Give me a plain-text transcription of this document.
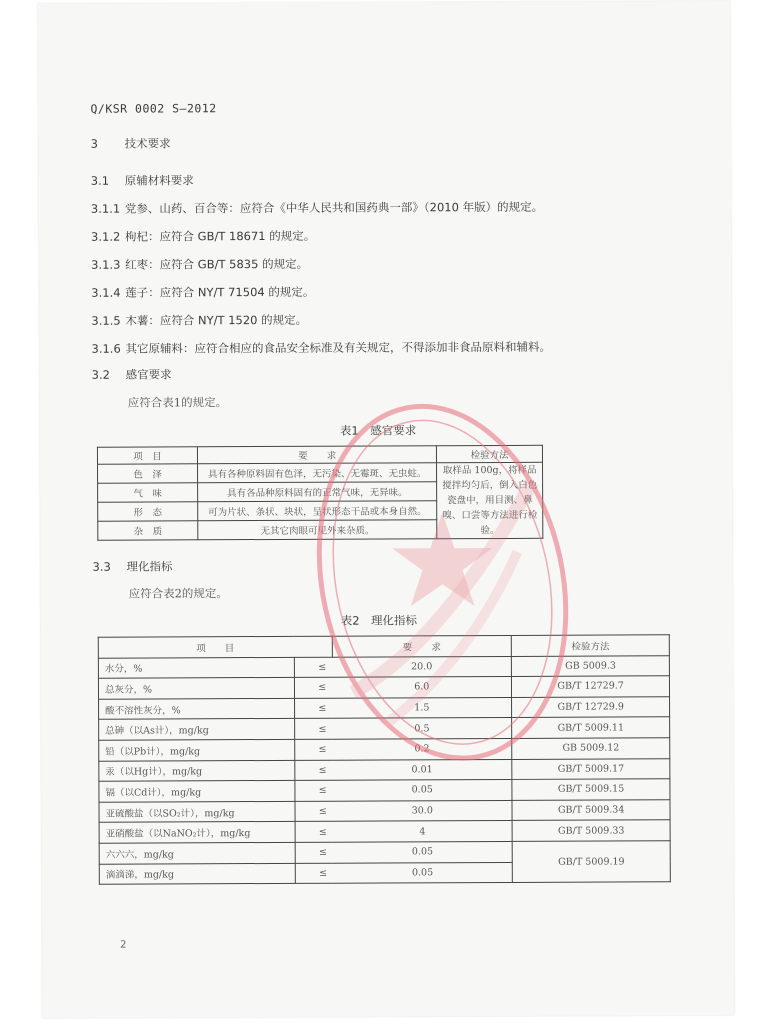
Q/KSR 0002 S—2012
3 技术要求
3.1 原辅材料要求
3.1.1 党参、山药、百合等：应符合《中华人民共和国药典一部》（2010 年版）的规定。
3.1.2 枸杞：应符合 GB/T 18671 的规定。
3.1.3 红枣：应符合 GB/T 5835 的规定。
3.1.4 莲子：应符合 NY/T 71504 的规定。
3.1.5 木薯：应符合 NY/T 1520 的规定。
3.1.6 其它原辅料：应符合相应的食品安全标准及有关规定，不得添加非食品原料和辅料。
3.2 感官要求
应符合表1的规定。
表1　感官要求
项　目	要　　求	检验方法
色　泽	具有各种原料固有色泽，无污染、无霉斑、无虫蛀。	取样品 100g，将样品搅拌均匀后，倒入白色瓷盘中，用目测、鼻嗅、口尝等方法进行检验。
气　味	具有各品种原料固有的正常气味，无异味。	
形　态	可为片状、条状、块状，呈状形态干品或本身自然。	
杂　质	无其它肉眼可见外来杂质。	
3.3 理化指标
应符合表2的规定。
表2　理化指标
项　　目		要　　求	检验方法
水分，%	≤	20.0	GB 5009.3
总灰分，%	≤	6.0	GB/T 12729.7
酸不溶性灰分，%	≤	1.5	GB/T 12729.9
总砷（以As计），mg/kg	≤	0.5	GB/T 5009.11
铅（以Pb计），mg/kg	≤	0.2	GB 5009.12
汞（以Hg计），mg/kg	≤	0.01	GB/T 5009.17
镉（以Cd计），mg/kg	≤	0.05	GB/T 5009.15
亚硫酸盐（以SO₂计），mg/kg	≤	30.0	GB/T 5009.34
亚硝酸盐（以NaNO₂计），mg/kg	≤	4	GB/T 5009.33
六六六，mg/kg	≤	0.05	GB/T 5009.19
滴滴涕，mg/kg	≤	0.05	
2
